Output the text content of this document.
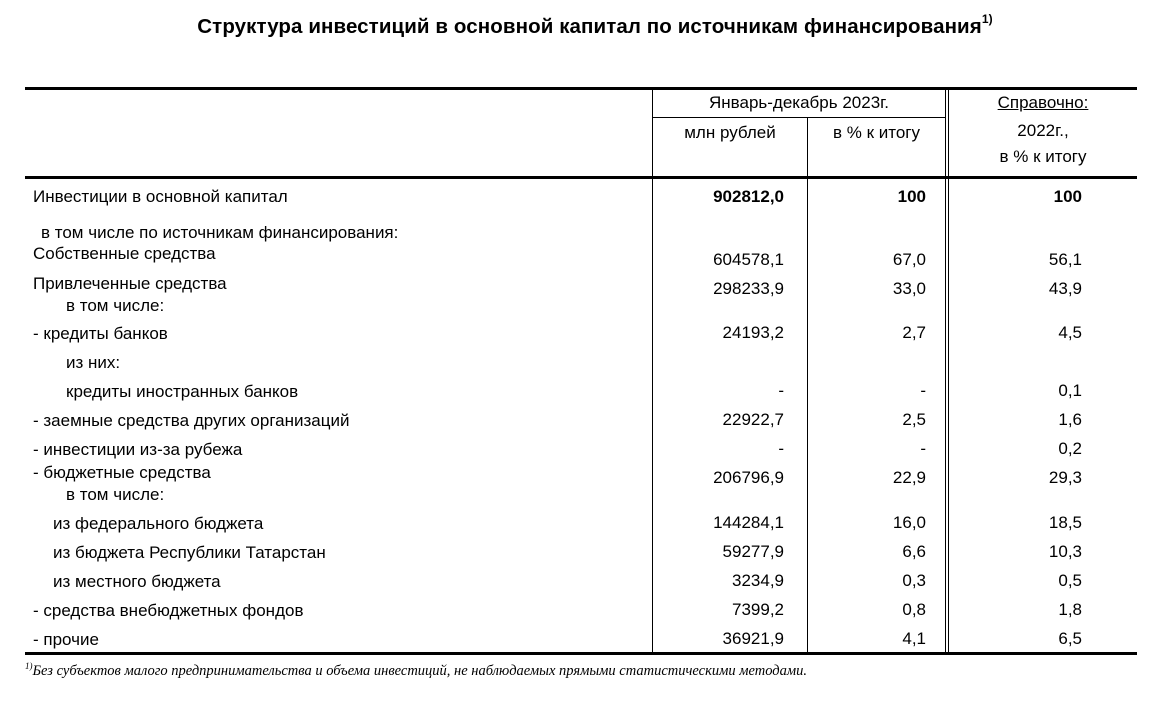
Структура инвестиций в основной капитал по источникам финансирования$^{1)}$
Январь-декабрь 2023г.
млн рублей	в % к итогу
Справочно:
2022г.,
в % к итогу
Инвестиции в основной капитал	902812,0	100	100
в том числе по источникам финансирования:
Собственные средства	604578,1	67,0	56,1
Привлеченные средства	298233,9	33,0	43,9
в том числе:
- кредиты банков	24193,2	2,7	4,5
из них:
кредиты иностранных банков	-	-	0,1
- заемные средства других организаций	22922,7	2,5	1,6
- инвестиции из-за рубежа	-	-	0,2
- бюджетные средства	206796,9	22,9	29,3
в том числе:
из федерального бюджета	144284,1	16,0	18,5
из бюджета Республики Татарстан	59277,9	6,6	10,3
из местного бюджета	3234,9	0,3	0,5
- средства внебюджетных фондов	7399,2	0,8	1,8
- прочие	36921,9	4,1	6,5
$^{1)}$Без субъектов малого предпринимательства и объема инвестиций, не наблюдаемых прямыми статистическими методами.
